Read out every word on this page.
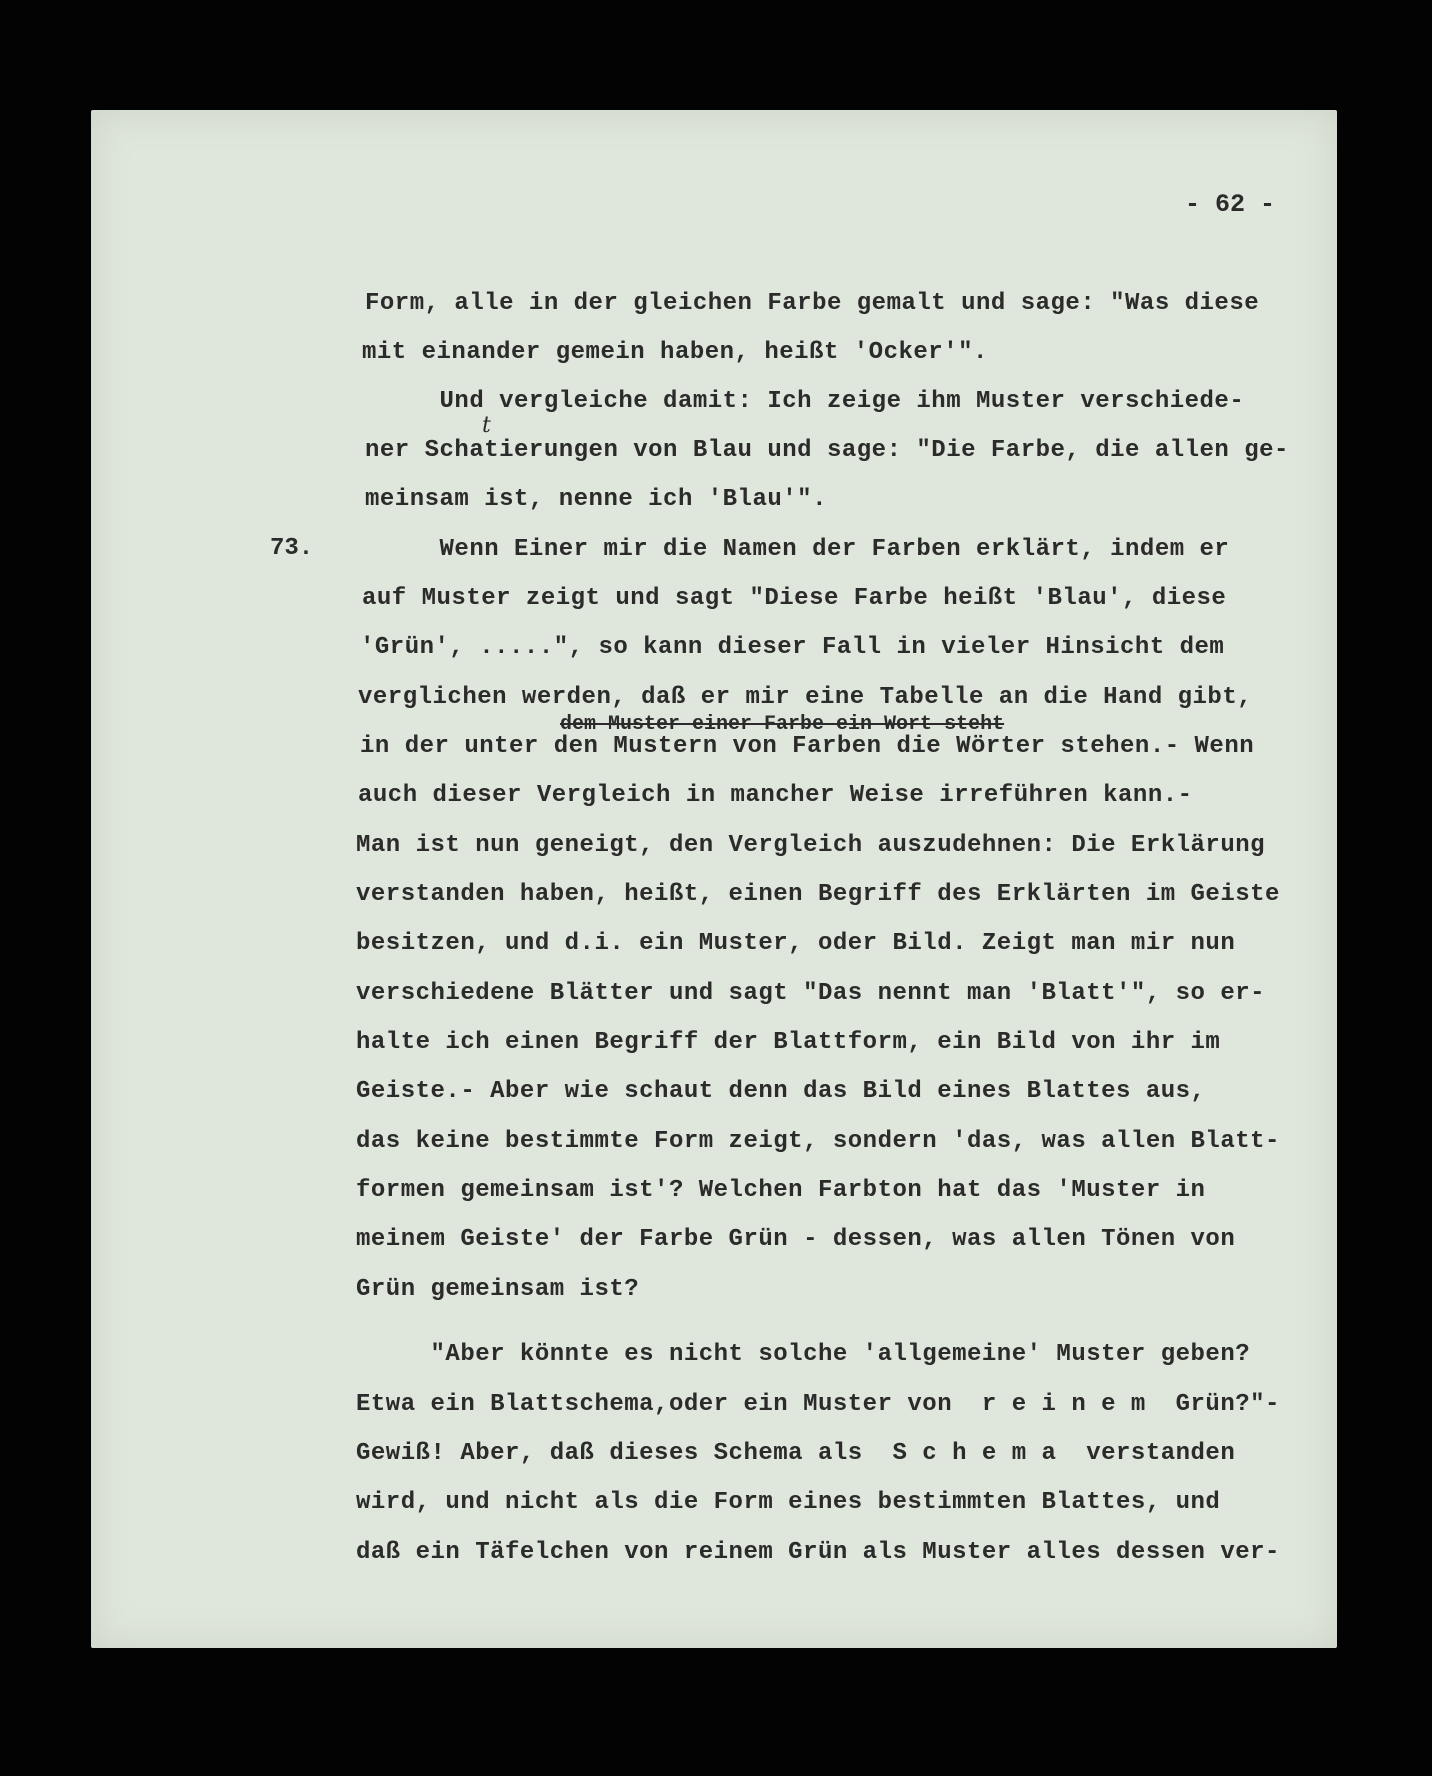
- 62 -
73.
t
dem Muster einer Farbe ein Wort steht
Form, alle in der gleichen Farbe gemalt und sage: "Was diese
mit einander gemein haben, heißt 'Ocker'".
Und vergleiche damit: Ich zeige ihm Muster verschiede-
ner Schatierungen von Blau und sage: "Die Farbe, die allen ge-
meinsam ist, nenne ich 'Blau'".
Wenn Einer mir die Namen der Farben erklärt, indem er
auf Muster zeigt und sagt "Diese Farbe heißt 'Blau', diese
'Grün', .....", so kann dieser Fall in vieler Hinsicht dem
verglichen werden, daß er mir eine Tabelle an die Hand gibt,
in der unter den Mustern von Farben die Wörter stehen.- Wenn
auch dieser Vergleich in mancher Weise irreführen kann.-
Man ist nun geneigt, den Vergleich auszudehnen: Die Erklärung
verstanden haben, heißt, einen Begriff des Erklärten im Geiste
besitzen, und d.i. ein Muster, oder Bild. Zeigt man mir nun
verschiedene Blätter und sagt "Das nennt man 'Blatt'", so er-
halte ich einen Begriff der Blattform, ein Bild von ihr im
Geiste.- Aber wie schaut denn das Bild eines Blattes aus,
das keine bestimmte Form zeigt, sondern 'das, was allen Blatt-
formen gemeinsam ist'? Welchen Farbton hat das 'Muster in
meinem Geiste' der Farbe Grün - dessen, was allen Tönen von
Grün gemeinsam ist?
"Aber könnte es nicht solche 'allgemeine' Muster geben?
Etwa ein Blattschema,oder ein Muster von  r e i n e m  Grün?"-
Gewiß! Aber, daß dieses Schema als  S c h e m a  verstanden
wird, und nicht als die Form eines bestimmten Blattes, und
daß ein Täfelchen von reinem Grün als Muster alles dessen ver-
